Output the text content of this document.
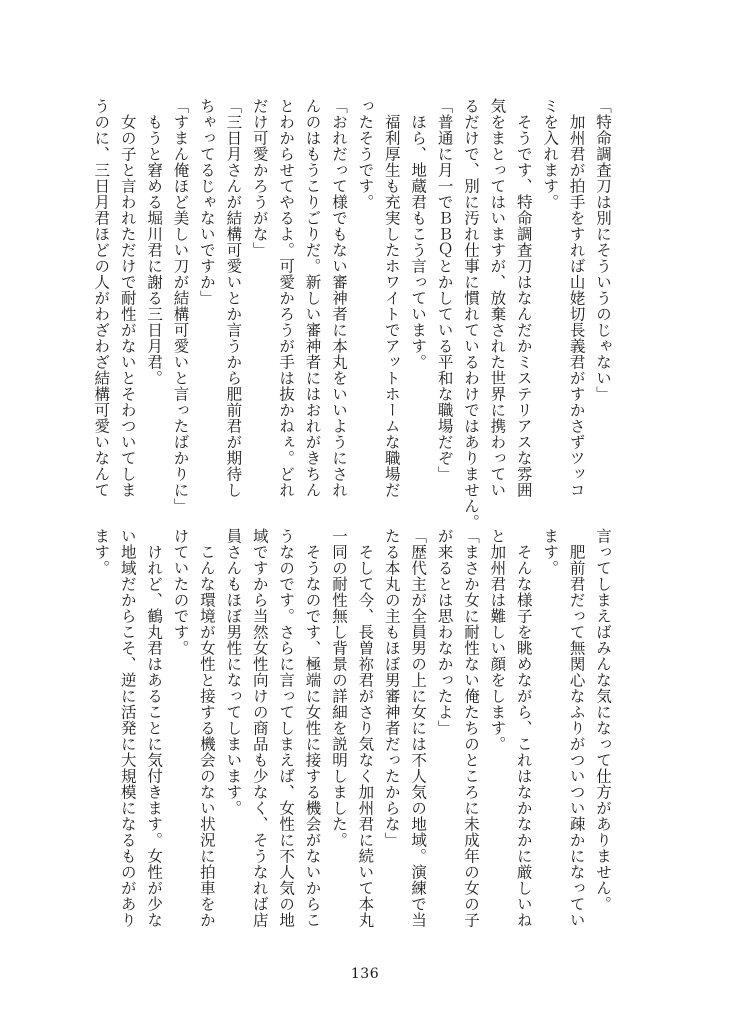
「特命調査刀は別にそういうのじゃない」
　加州君が拍手をすれば山姥切長義君がすかさずツッコ
ミを入れます。
　そうです、特命調査刀はなんだかミステリアスな雰囲
気をまとってはいますが、放棄された世界に携わってい
るだけで、別に汚れ仕事に慣れているわけではありません。
「普通に月一でＢＢＱとかしている平和な職場だぞ」
　ほら、地蔵君もこう言っています。
　福利厚生も充実したホワイトでアットホームな職場だ
ったそうです。
「おれだって様でもない審神者に本丸をいいようにされ
んのはもうこりごりだ。新しい審神者にはおれがきちん
とわからせてやるよ。可愛かろうが手は抜かねぇ。どれ
だけ可愛かろうがな」
「三日月さんが結構可愛いとか言うから肥前君が期待し
ちゃってるじゃないですか」
「すまん俺ほど美しい刀が結構可愛いと言ったばかりに」
　もうと窘める堀川君に謝る三日月君。
　女の子と言われただけで耐性がないとそわついてしま
うのに、三日月君ほどの人がわざわざ結構可愛いなんて
言ってしまえばみんな気になって仕方がありません。
　肥前君だって無関心なふりがついつい疎かになってい
ます。
　そんな様子を眺めながら、これはなかなかに厳しいね
と加州君は難しい顔をします。
「まさか女に耐性ない俺たちのところに未成年の女の子
が来るとは思わなかったよ」
「歴代主が全員男の上に女には不人気の地域。演練で当
たる本丸の主もほぼ男審神者だったからな」
　そして今、長曽祢君がさり気なく加州君に続いて本丸
一同の耐性無し背景の詳細を説明しました。
　そうなのです、極端に女性に接する機会がないからこ
うなのです。さらに言ってしまえば、女性に不人気の地
域ですから当然女性向けの商品も少なく、そうなれば店
員さんもほぼ男性になってしまいます。
　こんな環境が女性と接する機会のない状況に拍車をか
けていたのです。
　けれど、鶴丸君はあることに気付きます。女性が少な
い地域だからこそ、逆に活発に大規模になるものがあり
ます。
136
